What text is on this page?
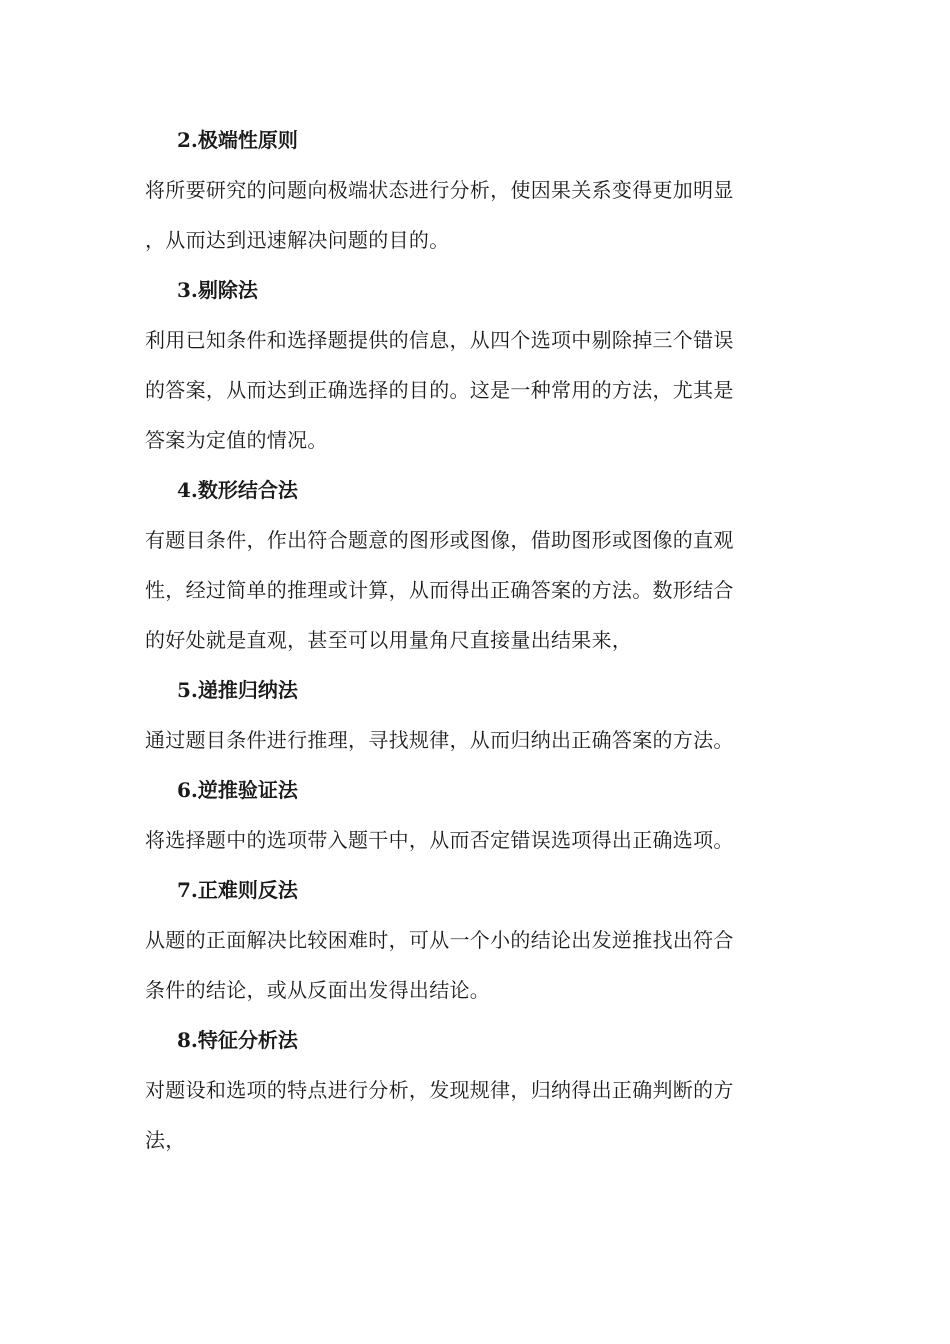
2.极端性原则

将所要研究的问题向极端状态进行分析，使因果关系变得更加明显
，从而达到迅速解决问题的目的。

3.剔除法

利用已知条件和选择题提供的信息，从四个选项中剔除掉三个错误
的答案，从而达到正确选择的目的。这是一种常用的方法，尤其是
答案为定值的情况。

4.数形结合法

有题目条件，作出符合题意的图形或图像，借助图形或图像的直观
性，经过简单的推理或计算，从而得出正确答案的方法。数形结合
的好处就是直观，甚至可以用量角尺直接量出结果来，

5.递推归纳法

通过题目条件进行推理，寻找规律，从而归纳出正确答案的方法。

6.逆推验证法

将选择题中的选项带入题干中，从而否定错误选项得出正确选项。

7.正难则反法

从题的正面解决比较困难时，可从一个小的结论出发逆推找出符合
条件的结论，或从反面出发得出结论。

8.特征分析法

对题设和选项的特点进行分析，发现规律，归纳得出正确判断的方
法，
